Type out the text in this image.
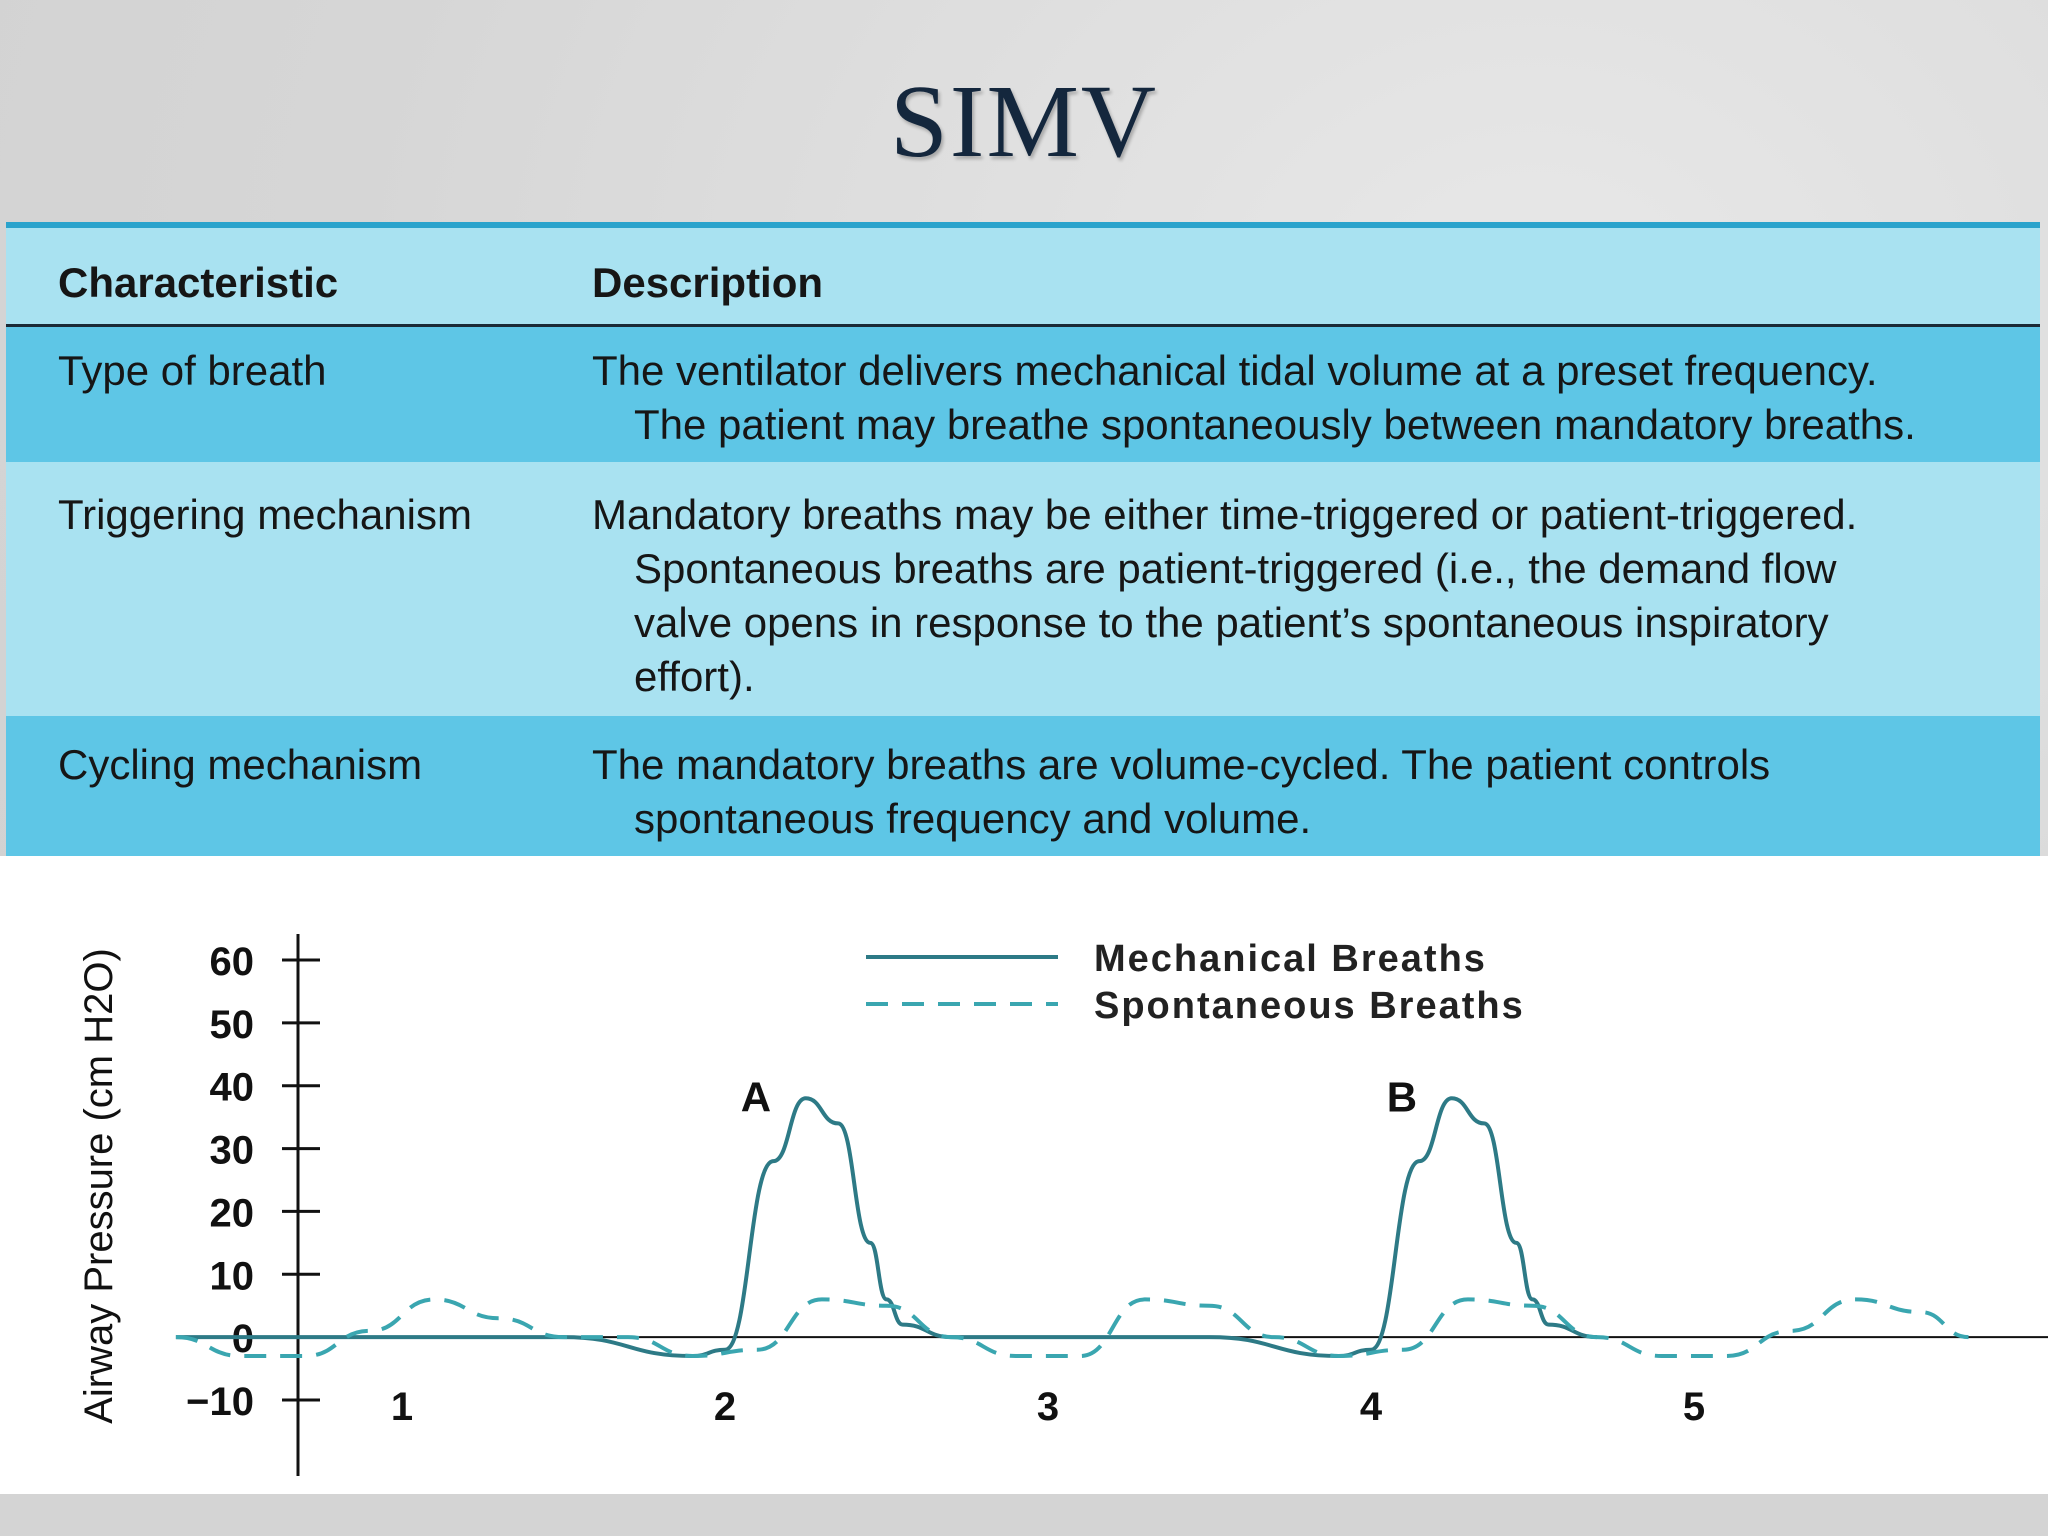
SIMV
Characteristic	Description
Type of breath	The ventilator delivers mechanical tidal volume at a preset frequency.
The patient may breathe spontaneously between mandatory breaths.
Triggering mechanism	Mandatory breaths may be either time-triggered or patient-triggered.
Spontaneous breaths are patient-triggered (i.e., the demand flow
valve opens in response to the patient’s spontaneous inspiratory
effort).
Cycling mechanism	The mandatory breaths are volume-cycled. The patient controls
spontaneous frequency and volume.
60
50
40
30
20
10
0
−10
Airway Pressure (cm H2O)	1	2	3	4	5
A	B
Mechanical Breaths
Spontaneous Breaths
